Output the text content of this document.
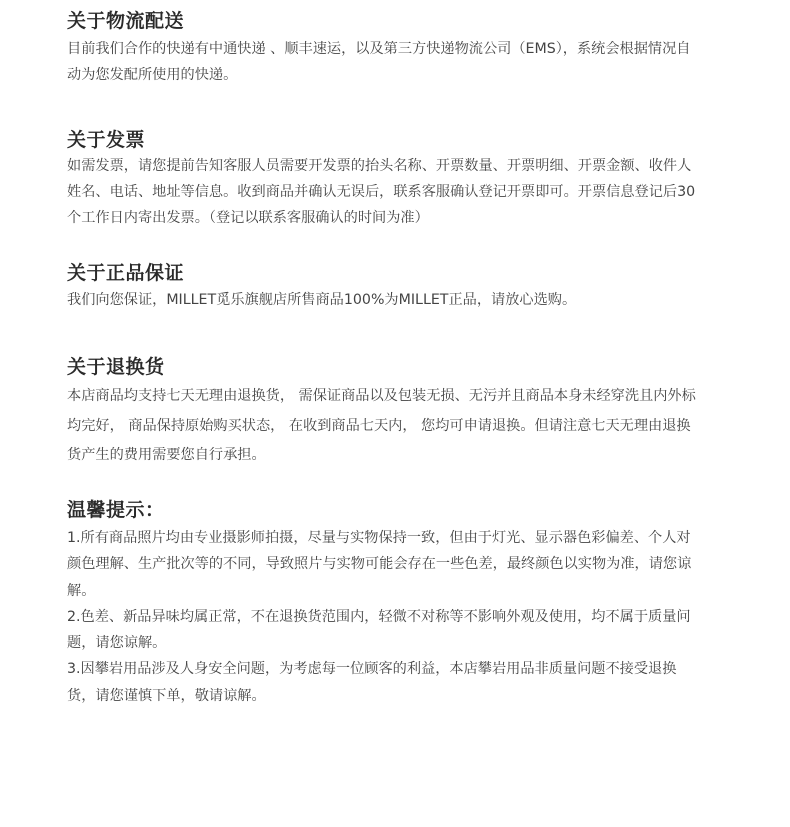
关于物流配送

目前我们合作的快递有中通快递 、顺丰速运，以及第三方快递物流公司（EMS），系统会根据情况自动为您发配所使用的快递。

关于发票

如需发票，请您提前告知客服人员需要开发票的抬头名称、开票数量、开票明细、开票金额、收件人姓名、电话、地址等信息。收到商品并确认无误后，联系客服确认登记开票即可。开票信息登记后30个工作日内寄出发票。（登记以联系客服确认的时间为准）

关于正品保证

我们向您保证，MILLET觅乐旗舰店所售商品100%为MILLET正品，请放心选购。

关于退换货

本店商品均支持七天无理由退换货， 需保证商品以及包装无损、无污并且商品本身未经穿洗且内外标均完好， 商品保持原始购买状态， 在收到商品七天内， 您均可申请退换。但请注意七天无理由退换货产生的费用需要您自行承担。

温馨提示：

1.所有商品照片均由专业摄影师拍摄，尽量与实物保持一致，但由于灯光、显示器色彩偏差、个人对颜色理解、生产批次等的不同，导致照片与实物可能会存在一些色差，最终颜色以实物为准，请您谅解。

2.色差、新品异味均属正常，不在退换货范围内，轻微不对称等不影响外观及使用，均不属于质量问题，请您谅解。

3.因攀岩用品涉及人身安全问题，为考虑每一位顾客的利益，本店攀岩用品非质量问题不接受退换货，请您谨慎下单，敬请谅解。
